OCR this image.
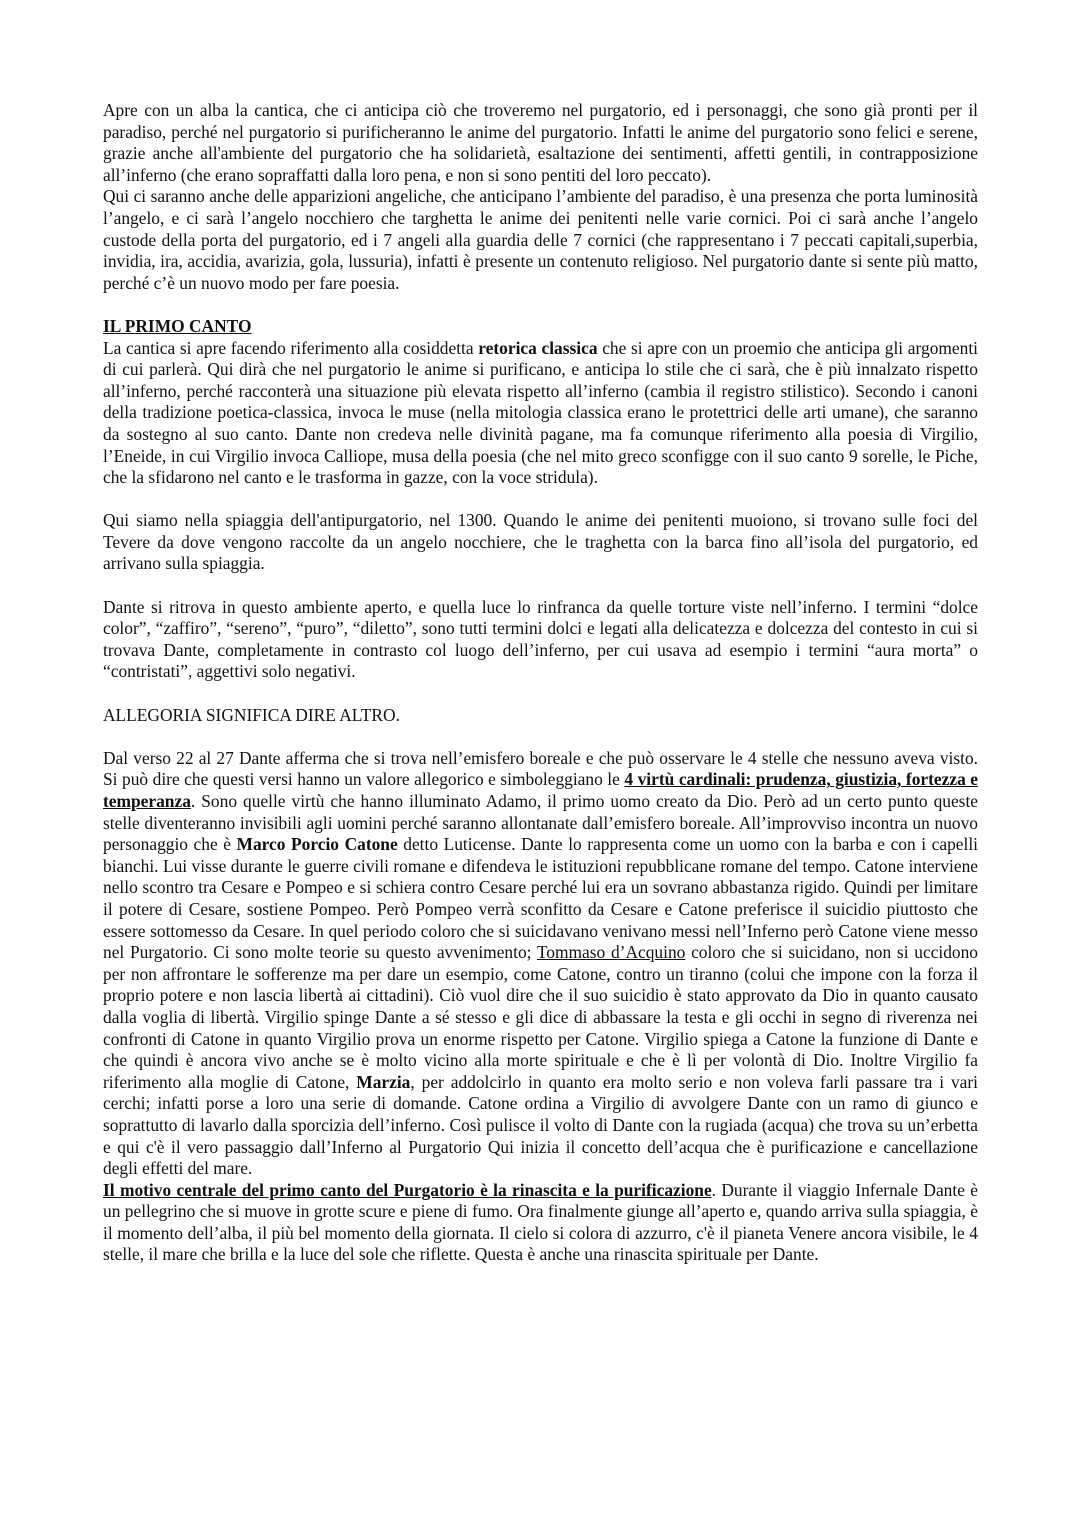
Apre con un alba la cantica, che ci anticipa ciò che troveremo nel purgatorio, ed i personaggi, che sono già pronti per il paradiso, perché nel purgatorio si purificheranno le anime del purgatorio. Infatti le anime del purgatorio sono felici e serene, grazie anche all'ambiente del purgatorio che ha solidarietà, esaltazione dei sentimenti, affetti gentili, in contrapposizione all’inferno (che erano sopraffatti dalla loro pena, e non si sono pentiti del loro peccato).

Qui ci saranno anche delle apparizioni angeliche, che anticipano l’ambiente del paradiso, è una presenza che porta luminosità l’angelo, e ci sarà l’angelo nocchiero che targhetta le anime dei penitenti nelle varie cornici. Poi ci sarà anche l’angelo custode della porta del purgatorio, ed i 7 angeli alla guardia delle 7 cornici (che rappresentano i 7 peccati capitali,superbia, invidia, ira, accidia, avarizia, gola, lussuria), infatti è presente un contenuto religioso. Nel purgatorio dante si sente più matto, perché c’è un nuovo modo per fare poesia.

IL PRIMO CANTO

La cantica si apre facendo riferimento alla cosiddetta retorica classica che si apre con un proemio che anticipa gli argomenti di cui parlerà. Qui dirà che nel purgatorio le anime si purificano, e anticipa lo stile che ci sarà, che è più innalzato rispetto all’inferno, perché racconterà una situazione più elevata rispetto all’inferno (cambia il registro stilistico). Secondo i canoni della tradizione poetica-classica, invoca le muse (nella mitologia classica erano le protettrici delle arti umane), che saranno da sostegno al suo canto. Dante non credeva nelle divinità pagane, ma fa comunque riferimento alla poesia di Virgilio, l’Eneide, in cui Virgilio invoca Calliope, musa della poesia (che nel mito greco sconfigge con il suo canto 9 sorelle, le Piche, che la sfidarono nel canto e le trasforma in gazze, con la voce stridula).

Qui siamo nella spiaggia dell'antipurgatorio, nel 1300. Quando le anime dei penitenti muoiono, si trovano sulle foci del Tevere da dove vengono raccolte da un angelo nocchiere, che le traghetta con la barca fino all’isola del purgatorio, ed arrivano sulla spiaggia.

Dante si ritrova in questo ambiente aperto, e quella luce lo rinfranca da quelle torture viste nell’inferno. I termini “dolce color”, “zaffiro”, “sereno”, “puro”, “diletto”, sono tutti termini dolci e legati alla delicatezza e dolcezza del contesto in cui si trovava Dante, completamente in contrasto col luogo dell’inferno, per cui usava ad esempio i termini “aura morta” o “contristati”, aggettivi solo negativi.

ALLEGORIA SIGNIFICA DIRE ALTRO.

Dal verso 22 al 27 Dante afferma che si trova nell’emisfero boreale e che può osservare le 4 stelle che nessuno aveva visto. Si può dire che questi versi hanno un valore allegorico e simboleggiano le 4 virtù cardinali: prudenza, giustizia, fortezza e temperanza. Sono quelle virtù che hanno illuminato Adamo, il primo uomo creato da Dio. Però ad un certo punto queste stelle diventeranno invisibili agli uomini perché saranno allontanate dall’emisfero boreale. All’improvviso incontra un nuovo personaggio che è Marco Porcio Catone detto Luticense. Dante lo rappresenta come un uomo con la barba e con i capelli bianchi. Lui visse durante le guerre civili romane e difendeva le istituzioni repubblicane romane del tempo. Catone interviene nello scontro tra Cesare e Pompeo e si schiera contro Cesare perché lui era un sovrano abbastanza rigido. Quindi per limitare il potere di Cesare, sostiene Pompeo. Però Pompeo verrà sconfitto da Cesare e Catone preferisce il suicidio piuttosto che essere sottomesso da Cesare. In quel periodo coloro che si suicidavano venivano messi nell’Inferno però Catone viene messo nel Purgatorio. Ci sono molte teorie su questo avvenimento; Tommaso d’Acquino coloro che si suicidano, non si uccidono per non affrontare le sofferenze ma per dare un esempio, come Catone, contro un tiranno (colui che impone con la forza il proprio potere e non lascia libertà ai cittadini). Ciò vuol dire che il suo suicidio è stato approvato da Dio in quanto causato dalla voglia di libertà. Virgilio spinge Dante a sé stesso e gli dice di abbassare la testa e gli occhi in segno di riverenza nei confronti di Catone in quanto Virgilio prova un enorme rispetto per Catone. Virgilio spiega a Catone la funzione di Dante e che quindi è ancora vivo anche se è molto vicino alla morte spirituale e che è lì per volontà di Dio. Inoltre Virgilio fa riferimento alla moglie di Catone, Marzia, per addolcirlo in quanto era molto serio e non voleva farli passare tra i vari cerchi; infatti porse a loro una serie di domande. Catone ordina a Virgilio di avvolgere Dante con un ramo di giunco e soprattutto di lavarlo dalla sporcizia dell’inferno. Così pulisce il volto di Dante con la rugiada (acqua) che trova su un’erbetta e qui c'è il vero passaggio dall’Inferno al Purgatorio Qui inizia il concetto dell’acqua che è purificazione e cancellazione degli effetti del mare.

Il motivo centrale del primo canto del Purgatorio è la rinascita e la purificazione. Durante il viaggio Infernale Dante è un pellegrino che si muove in grotte scure e piene di fumo. Ora finalmente giunge all’aperto e, quando arriva sulla spiaggia, è il momento dell’alba, il più bel momento della giornata. Il cielo si colora di azzurro, c'è il pianeta Venere ancora visibile, le 4 stelle, il mare che brilla e la luce del sole che riflette. Questa è anche una rinascita spirituale per Dante.
